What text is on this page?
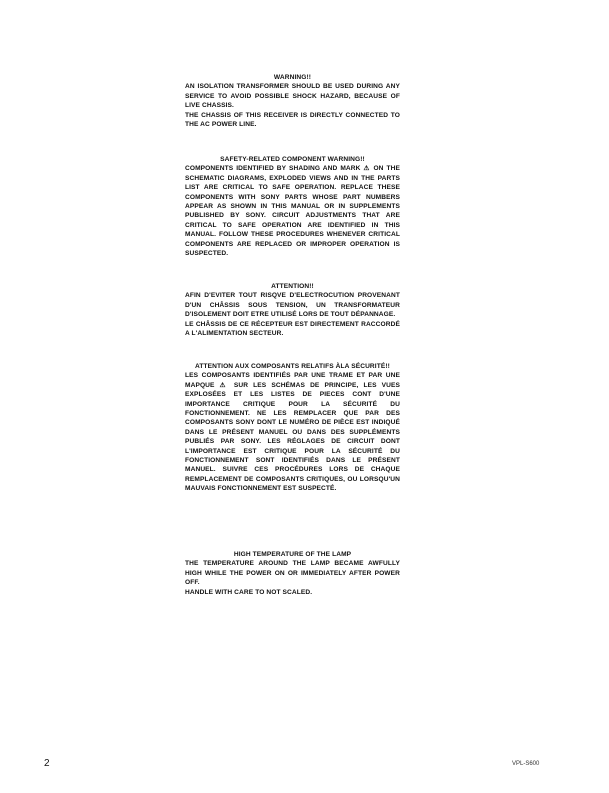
WARNING!!
AN ISOLATION TRANSFORMER SHOULD BE USED DURING ANY SERVICE TO AVOID POSSIBLE SHOCK HAZARD, BECAUSE OF LIVE CHASSIS.
THE CHASSIS OF THIS RECEIVER IS DIRECTLY CONNECTED TO THE AC POWER LINE.
SAFETY-RELATED COMPONENT WARNING!!
COMPONENTS IDENTIFIED BY SHADING AND MARK ⚠ ON THE SCHEMATIC DIAGRAMS, EXPLODED VIEWS AND IN THE PARTS LIST ARE CRITICAL TO SAFE OPERATION. REPLACE THESE COMPONENTS WITH SONY PARTS WHOSE PART NUMBERS APPEAR AS SHOWN IN THIS MANUAL OR IN SUPPLEMENTS PUBLISHED BY SONY. CIRCUIT ADJUSTMENTS THAT ARE CRITICAL TO SAFE OPERATION ARE IDENTIFIED IN THIS MANUAL. FOLLOW THESE PROCEDURES WHENEVER CRITICAL COMPONENTS ARE REPLACED OR IMPROPER OPERATION IS SUSPECTED.
ATTENTION!!
AFIN D'EVITER TOUT RISQVE D'ELECTROCUTION PROVENANT D'UN CHÂSSIS SOUS TENSION, UN TRANSFORMATEUR D'ISOLEMENT DOIT ETRE UTILISÉ LORS DE TOUT DÉPANNAGE.
LE CHÂSSIS DE CE RÉCEPTEUR EST DIRECTEMENT RACCORDÉ A L'ALIMENTATION SECTEUR.
ATTENTION AUX COMPOSANTS RELATIFS ÀLA SÉCURITÉ!!
LES COMPOSANTS IDENTIFIÉS PAR UNE TRAME ET PAR UNE MAPQUE ⚠ SUR LES SCHÉMAS DE PRINCIPE, LES VUES EXPLOSÉES ET LES LISTES DE PIECES CONT D'UNE IMPORTANCE CRITIQUE POUR LA SÉCURITÉ DU FONCTIONNEMENT. NE LES REMPLACER QUE PAR DES COMPOSANTS SONY DONT LE NUMÉRO DE PIÈCE EST INDIQUÉ DANS LE PRÉSENT MANUEL OU DANS DES SUPPLÉMENTS PUBLIÉS PAR SONY. LES RÉGLAGES DE CIRCUIT DONT L'IMPORTANCE EST CRITIQUE POUR LA SÉCURITÉ DU FONCTIONNEMENT SONT IDENTIFIÉS DANS LE PRÉSENT MANUEL. SUIVRE CES PROCÉDURES LORS DE CHAQUE REMPLACEMENT DE COMPOSANTS CRITIQUES, OU LORSQU'UN MAUVAIS FONCTIONNEMENT EST SUSPECTÉ.
HIGH TEMPERATURE OF THE LAMP
THE TEMPERATURE AROUND THE LAMP BECAME AWFULLY HIGH WHILE THE POWER ON OR IMMEDIATELY AFTER POWER OFF.
HANDLE WITH CARE TO NOT SCALED.
2	VPL-S600
